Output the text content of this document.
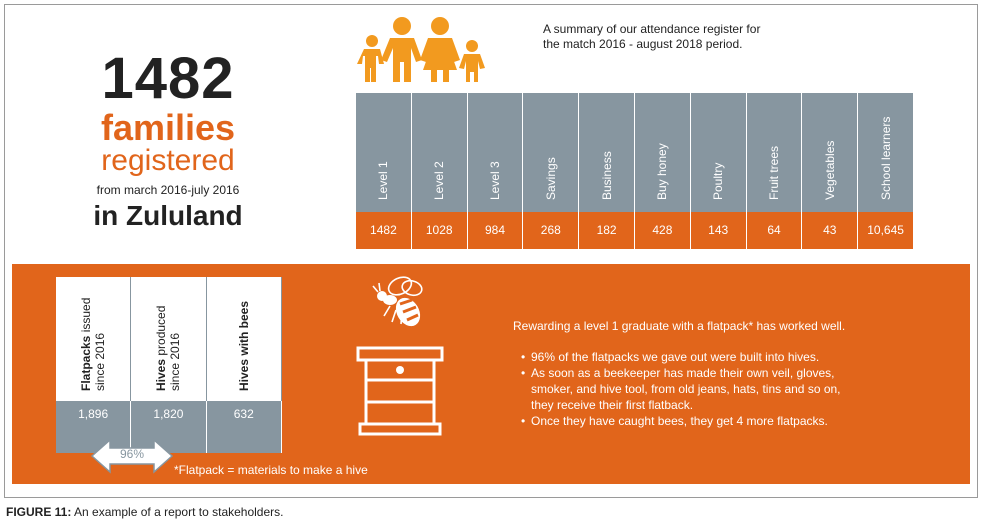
1482
families
registered
from march 2016-july 2016
in Zululand
A summary of our attendance register for
the match 2016 - august 2018 period.
Level 1
1482
Level 2
1028
Level 3
984
Savings
268
Business
182
Buy honey
428
Poultry
143
Fruit trees
64
Vegetables
43
School learners
10,645
Flatpacks issued
since 2016
1,896
Hives produced
since 2016
1,820
Hives with bees
632
96%
*Flatpack = materials to make a hive
Rewarding a level 1 graduate with a flatpack* has worked well.
• 96% of the flatpacks we gave out were built into hives.
• As soon as a beekeeper has made their own veil, gloves,
smoker, and hive tool, from old jeans, hats, tins and so on,
they receive their first flatback.
• Once they have caught bees, they get 4 more flatpacks.
FIGURE 11: An example of a report to stakeholders.
